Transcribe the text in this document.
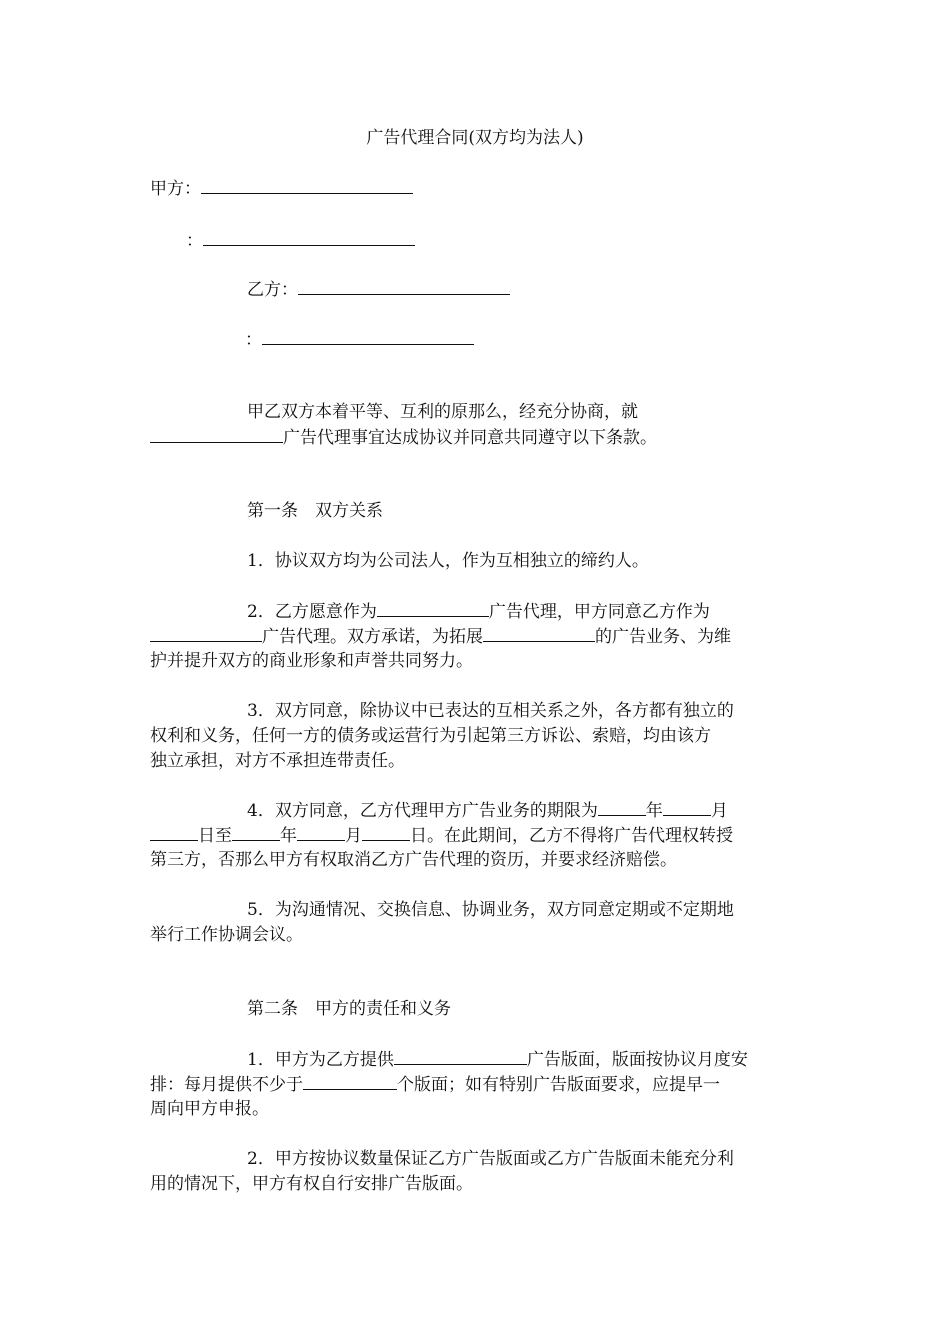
广告代理合同(双方均为法人)
甲方：
：
乙方：
：
甲乙双方本着平等、互利的原那么，经充分协商，就
广告代理事宜达成协议并同意共同遵守以下条款。
第一条　双方关系
1．协议双方均为公司法人，作为互相独立的缔约人。
2．乙方愿意作为	广告代理，甲方同意乙方作为
广告代理。双方承诺，为拓展	的广告业务、为维
护并提升双方的商业形象和声誉共同努力。
3．双方同意，除协议中已表达的互相关系之外，各方都有独立的
权利和义务，任何一方的债务或运营行为引起第三方诉讼、索赔，均由该方
独立承担，对方不承担连带责任。
4．双方同意，乙方代理甲方广告业务的期限为	年	月
日至	年	月	日。在此期间，乙方不得将广告代理权转授
第三方，否那么甲方有权取消乙方广告代理的资历，并要求经济赔偿。
5．为沟通情况、交换信息、协调业务，双方同意定期或不定期地
举行工作协调会议。
第二条　甲方的责任和义务
1．甲方为乙方提供	广告版面，版面按协议月度安
排：每月提供不少于	个版面；如有特别广告版面要求，应提早一
周向甲方申报。
2．甲方按协议数量保证乙方广告版面或乙方广告版面未能充分利
用的情况下，甲方有权自行安排广告版面。
